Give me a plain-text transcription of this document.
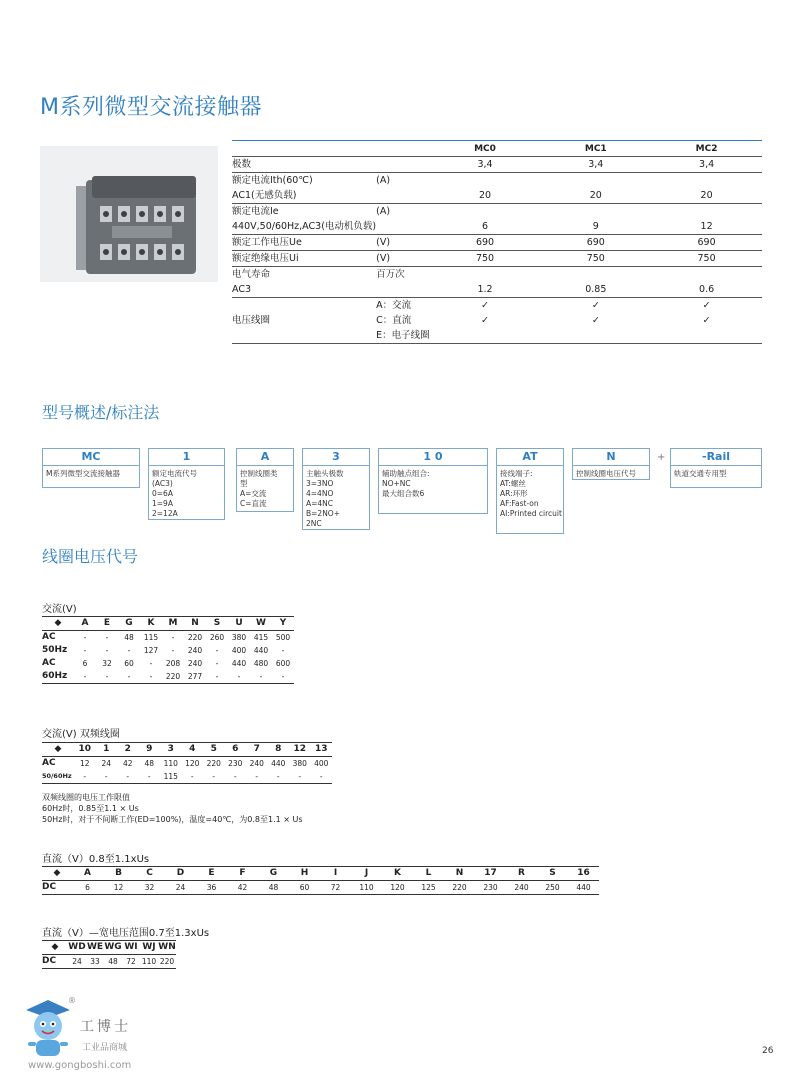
M系列微型交流接触器
		MC0	MC1	MC2
极数		3,4	3,4	3,4
额定电流Ith(60℃)	(A)			
AC1(无感负载)		20	20	20
额定电流Ie	(A)			
440V,50/60Hz,AC3(电动机负载)		6	9	12
额定工作电压Ue	(V)	690	690	690
额定绝缘电压Ui	(V)	750	750	750
电气寿命	百万次			
AC3		1.2	0.85	0.6
	A：交流	✓	✓	✓
电压线圈	C：直流	✓	✓	✓
	E：电子线圈			
型号概述/标注法
MC
M系列微型交流接触器
1
额定电流代号
(AC3)
0=6A
1=9A
2=12A
A
控制线圈类
型
A=交流
C=直流
3
主触头极数
3=3NO
4=4NO
A=4NC
B=2NO+
2NC
1 0
辅助触点组合:
NO+NC
最大组合数6
AT
接线端子:
AT:螺丝
AR:环形
AF:Fast-on
AI:Printed circuit
N
控制线圈电压代号
-Rail
轨道交通专用型
+
线圈电压代号
交流(V)
◆	A	E	G	K	M	N	S	U	W	Y
AC	-	-	48	115	-	220	260	380	415	500
50Hz	-	-	-	127	-	240	-	400	440	-
AC	6	32	60	-	208	240	-	440	480	600
60Hz	-	-	-	-	220	277	-	-	-	-
交流(V) 双频线圈
◆	10	1	2	9	3	4	5	6	7	8	12	13
AC	12	24	42	48	110	120	220	230	240	440	380	400
50/60Hz	-	-	-	-	115	-	-	-	-	-	-	-
双频线圈的电压工作限值
60Hz时，0.85至1.1 × Us
50Hz时，对于不间断工作(ED=100%)，温度=40℃，为0.8至1.1 × Us
直流（V）0.8至1.1xUs
◆	A	B	C	D	E	F	G	H	I	J	K	L	N	17	R	S	16
DC	6	12	32	24	36	42	48	60	72	110	120	125	220	230	240	250	440
直流（V）—宽电压范围0.7至1.3xUs
◆	WD	WE	WG	WI	WJ	WN
DC	24	33	48	72	110	220
®
工博士
工业品商城
www.gongboshi.com
26
